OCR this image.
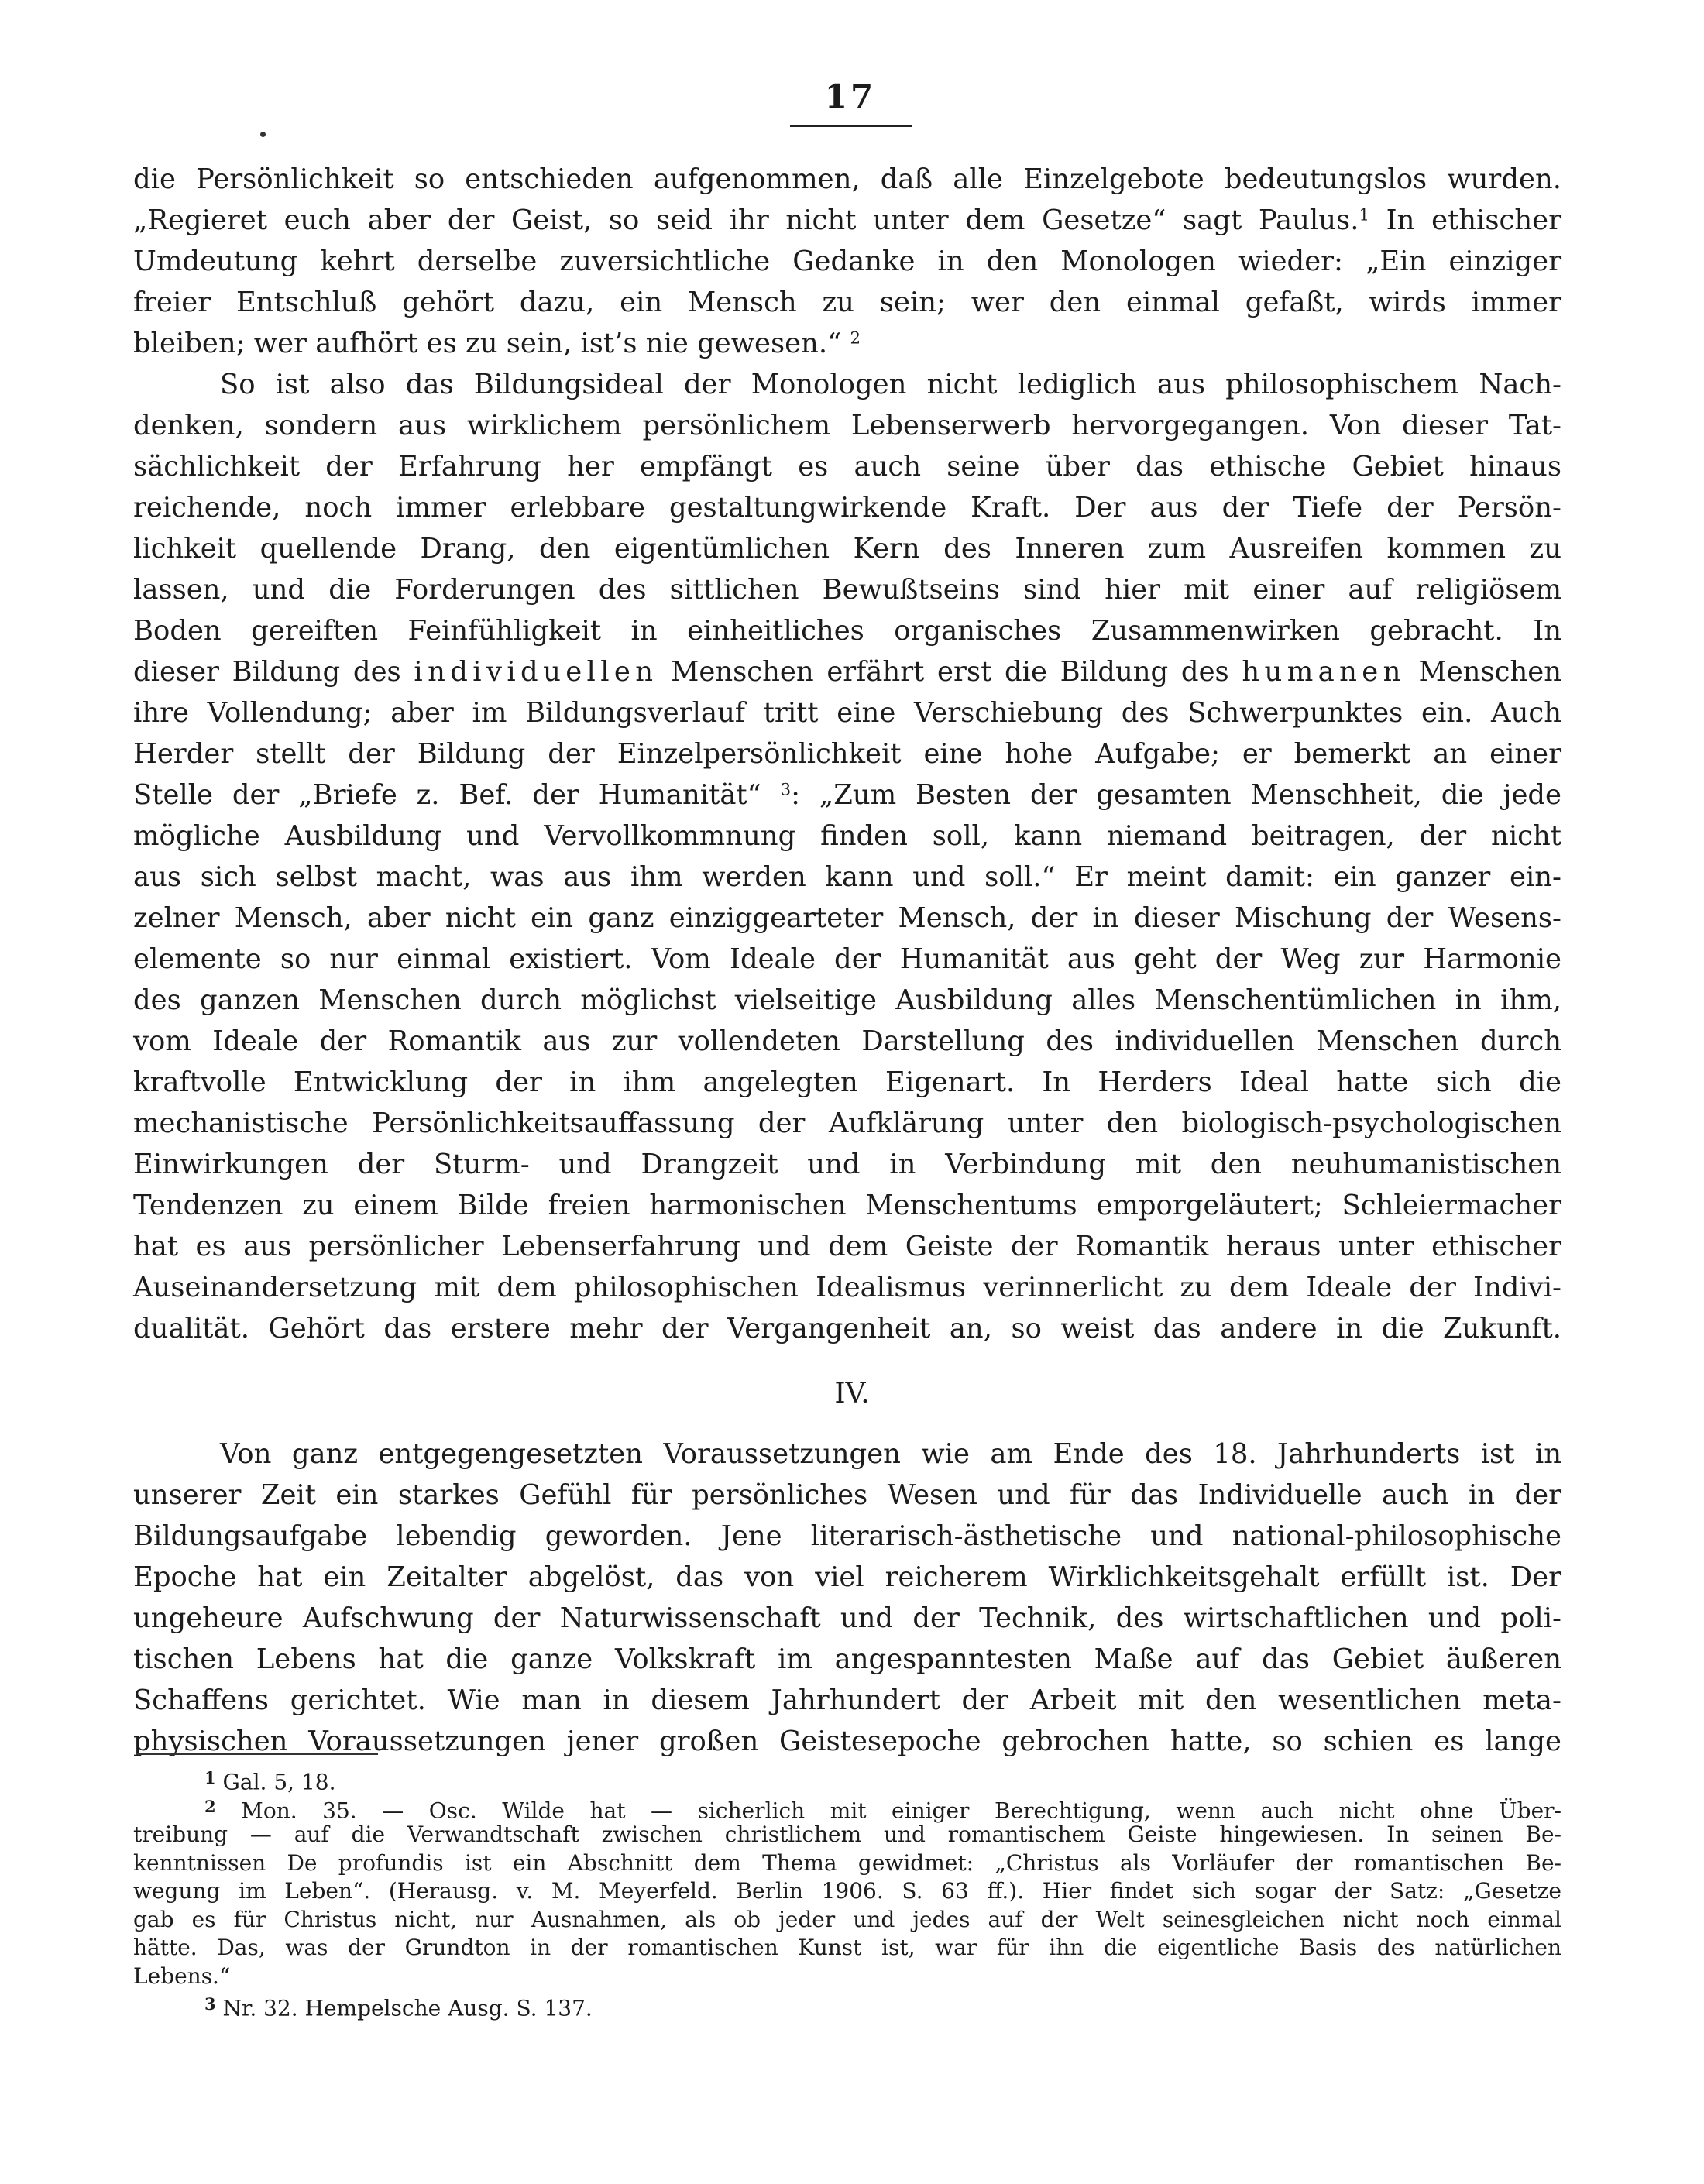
17
die Persönlichkeit so entschieden aufgenommen, daß alle Einzelgebote bedeutungslos wurden.
„Regieret euch aber der Geist, so seid ihr nicht unter dem Gesetze“ sagt Paulus.$^1$ In ethischer
Umdeutung kehrt derselbe zuversichtliche Gedanke in den Monologen wieder: „Ein einziger
freier Entschluß gehört dazu, ein Mensch zu sein; wer den einmal gefaßt, wirds immer
bleiben; wer aufhört es zu sein, ist’s nie gewesen.“ $^2$
So ist also das Bildungsideal der Monologen nicht lediglich aus philosophischem Nach-
denken, sondern aus wirklichem persönlichem Lebenserwerb hervorgegangen. Von dieser Tat-
sächlichkeit der Erfahrung her empfängt es auch seine über das ethische Gebiet hinaus
reichende, noch immer erlebbare gestaltungwirkende Kraft. Der aus der Tiefe der Persön-
lichkeit quellende Drang, den eigentümlichen Kern des Inneren zum Ausreifen kommen zu
lassen, und die Forderungen des sittlichen Bewußtseins sind hier mit einer auf religiösem
Boden gereiften Feinfühligkeit in einheitliches organisches Zusammenwirken gebracht. In
dieser Bildung des individuellen Menschen erfährt erst die Bildung des humanen Menschen
ihre Vollendung; aber im Bildungsverlauf tritt eine Verschiebung des Schwerpunktes ein. Auch
Herder stellt der Bildung der Einzelpersönlichkeit eine hohe Aufgabe; er bemerkt an einer
Stelle der „Briefe z. Bef. der Humanität“ $^3$: „Zum Besten der gesamten Menschheit, die jede
mögliche Ausbildung und Vervollkommnung finden soll, kann niemand beitragen, der nicht
aus sich selbst macht, was aus ihm werden kann und soll.“ Er meint damit: ein ganzer ein-
zelner Mensch, aber nicht ein ganz einziggearteter Mensch, der in dieser Mischung der Wesens-
elemente so nur einmal existiert. Vom Ideale der Humanität aus geht der Weg zur Harmonie
des ganzen Menschen durch möglichst vielseitige Ausbildung alles Menschentümlichen in ihm,
vom Ideale der Romantik aus zur vollendeten Darstellung des individuellen Menschen durch
kraftvolle Entwicklung der in ihm angelegten Eigenart. In Herders Ideal hatte sich die
mechanistische Persönlichkeitsauffassung der Aufklärung unter den biologisch-psychologischen
Einwirkungen der Sturm- und Drangzeit und in Verbindung mit den neuhumanistischen
Tendenzen zu einem Bilde freien harmonischen Menschentums emporgeläutert; Schleiermacher
hat es aus persönlicher Lebenserfahrung und dem Geiste der Romantik heraus unter ethischer
Auseinandersetzung mit dem philosophischen Idealismus verinnerlicht zu dem Ideale der Indivi-
dualität. Gehört das erstere mehr der Vergangenheit an, so weist das andere in die Zukunft.
IV.
Von ganz entgegengesetzten Voraussetzungen wie am Ende des 18. Jahrhunderts ist in
unserer Zeit ein starkes Gefühl für persönliches Wesen und für das Individuelle auch in der
Bildungsaufgabe lebendig geworden. Jene literarisch-ästhetische und national-philosophische
Epoche hat ein Zeitalter abgelöst, das von viel reicherem Wirklichkeitsgehalt erfüllt ist. Der
ungeheure Aufschwung der Naturwissenschaft und der Technik, des wirtschaftlichen und poli-
tischen Lebens hat die ganze Volkskraft im angespanntesten Maße auf das Gebiet äußeren
Schaffens gerichtet. Wie man in diesem Jahrhundert der Arbeit mit den wesentlichen meta-
physischen Voraussetzungen jener großen Geistesepoche gebrochen hatte, so schien es lange
$^1$ Gal. 5, 18.
$^2$ Mon. 35. — Osc. Wilde hat — sicherlich mit einiger Berechtigung, wenn auch nicht ohne Über-
treibung — auf die Verwandtschaft zwischen christlichem und romantischem Geiste hingewiesen. In seinen Be-
kenntnissen De profundis ist ein Abschnitt dem Thema gewidmet: „Christus als Vorläufer der romantischen Be-
wegung im Leben“. (Herausg. v. M. Meyerfeld. Berlin 1906. S. 63 ff.). Hier findet sich sogar der Satz: „Gesetze
gab es für Christus nicht, nur Ausnahmen, als ob jeder und jedes auf der Welt seinesgleichen nicht noch einmal
hätte. Das, was der Grundton in der romantischen Kunst ist, war für ihn die eigentliche Basis des natürlichen
Lebens.“
$^3$ Nr. 32. Hempelsche Ausg. S. 137.
